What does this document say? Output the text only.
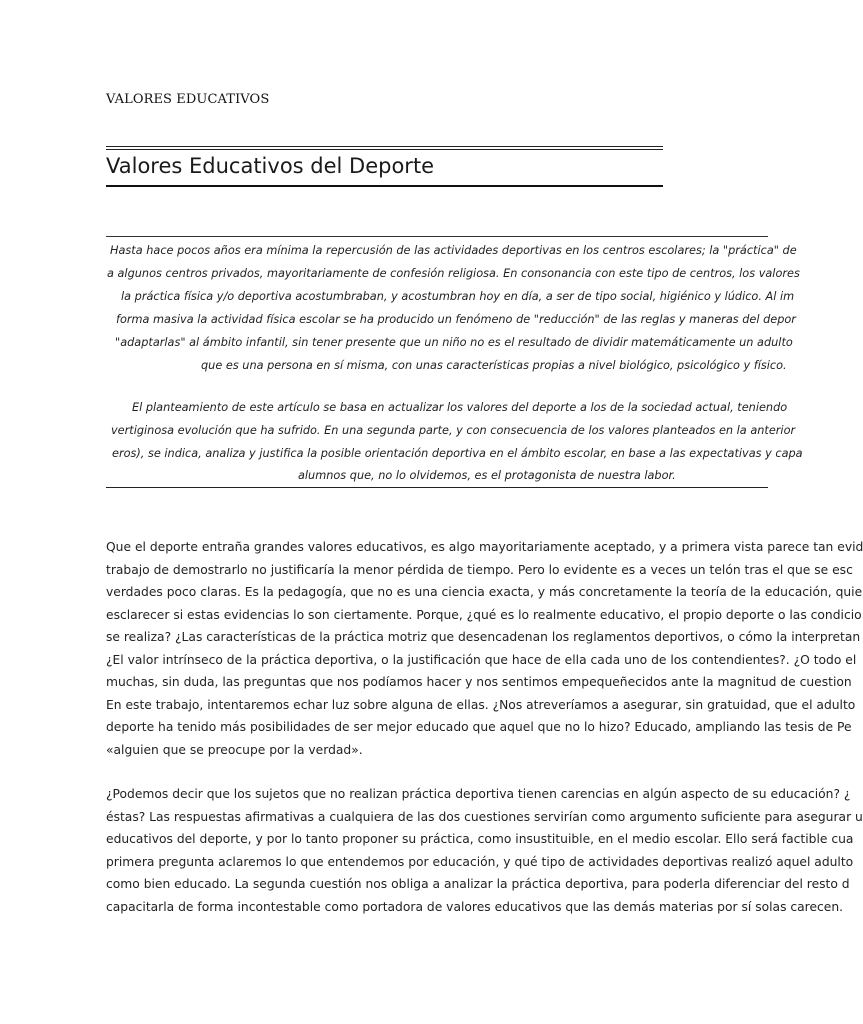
VALORES EDUCATIVOS
Valores Educativos del Deporte
Hasta hace pocos años era mínima la repercusión de las actividades deportivas en los centros escolares; la "práctica" de
a algunos centros privados, mayoritariamente de confesión religiosa. En consonancia con este tipo de centros, los valores
la práctica física y/o deportiva acostumbraban, y acostumbran hoy en día, a ser de tipo social, higiénico y lúdico. Al im
forma masiva la actividad física escolar se ha producido un fenómeno de "reducción" de las reglas y maneras del depor
"adaptarlas" al ámbito infantil, sin tener presente que un niño no es el resultado de dividir matemáticamente un adulto
que es una persona en sí misma, con unas características propias a nivel biológico, psicológico y físico.
El planteamiento de este artículo se basa en actualizar los valores del deporte a los de la sociedad actual, teniendo
vertiginosa evolución que ha sufrido. En una segunda parte, y con consecuencia de los valores planteados en la anterior
eros), se indica, analiza y justifica la posible orientación deportiva en el ámbito escolar, en base a las expectativas y capa
alumnos que, no lo olvidemos, es el protagonista de nuestra labor.
Que el deporte entraña grandes valores educativos, es algo mayoritariamente aceptado, y a primera vista parece tan evid
trabajo de demostrarlo no justificaría la menor pérdida de tiempo. Pero lo evidente es a veces un telón tras el que se esc
verdades poco claras. Es la pedagogía, que no es una ciencia exacta, y más concretamente la teoría de la educación, quie
esclarecer si estas evidencias lo son ciertamente. Porque, ¿qué es lo realmente educativo, el propio deporte o las condicio
se realiza? ¿Las características de la práctica motriz que desencadenan los reglamentos deportivos, o cómo la interpretan
¿El valor intrínseco de la práctica deportiva, o la justificación que hace de ella cada uno de los contendientes?. ¿O todo el
muchas, sin duda, las preguntas que nos podíamos hacer y nos sentimos empequeñecidos ante la magnitud de cuestion
En este trabajo, intentaremos echar luz sobre alguna de ellas. ¿Nos atreveríamos a asegurar, sin gratuidad, que el adulto
deporte ha tenido más posibilidades de ser mejor educado que aquel que no lo hizo? Educado, ampliando las tesis de Pe
«alguien que se preocupe por la verdad».
¿Podemos decir que los sujetos que no realizan práctica deportiva tienen carencias en algún aspecto de su educación? ¿
éstas? Las respuestas afirmativas a cualquiera de las dos cuestiones servirían como argumento suficiente para asegurar u
educativos del deporte, y por lo tanto proponer su práctica, como insustituible, en el medio escolar. Ello será factible cua
primera pregunta aclaremos lo que entendemos por educación, y qué tipo de actividades deportivas realizó aquel adulto
como bien educado. La segunda cuestión nos obliga a analizar la práctica deportiva, para poderla diferenciar del resto d
capacitarla de forma incontestable como portadora de valores educativos que las demás materias por sí solas carecen.
